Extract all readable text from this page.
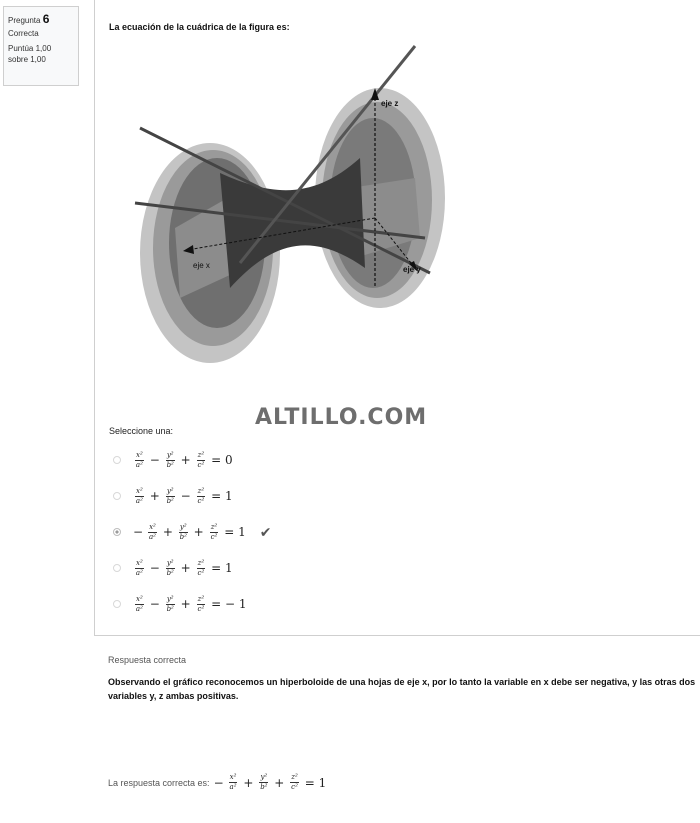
Pregunta 6
Correcta
Puntúa 1,00
sobre 1,00
La ecuación de la cuádrica de la figura es:
eje z
eje x	eje y
ALTILLO.COM
Seleccione una:
$\frac{\text{x²}}{\text{a²}} - \frac{\text{y²}}{\text{b²}} + \frac{\text{z²}}{\text{c²}} = 0$
$\frac{\text{x²}}{\text{a²}} + \frac{\text{y²}}{\text{b²}} - \frac{\text{z²}}{\text{c²}} = 1$
− $\frac{\text{x²}}{\text{a²}} + \frac{\text{y²}}{\text{b²}} + \frac{\text{z²}}{\text{c²}} = 1$ ✔
$\frac{\text{x²}}{\text{a²}} - \frac{\text{y²}}{\text{b²}} + \frac{\text{z²}}{\text{c²}} = 1$
$\frac{\text{x²}}{\text{a²}} - \frac{\text{y²}}{\text{b²}} + \frac{\text{z²}}{\text{c²}}$ = − 1
Respuesta correcta
Observando el gráfico reconocemos un hiperboloide de una hojas de eje x, por lo tanto la variable en x debe ser negativa, y las otras dos variables y, z ambas positivas.
La respuesta correcta es: − $\frac{\text{x²}}{\text{a²}} + \frac{\text{y²}}{\text{b²}} + \frac{\text{z²}}{\text{c²}} = 1$
